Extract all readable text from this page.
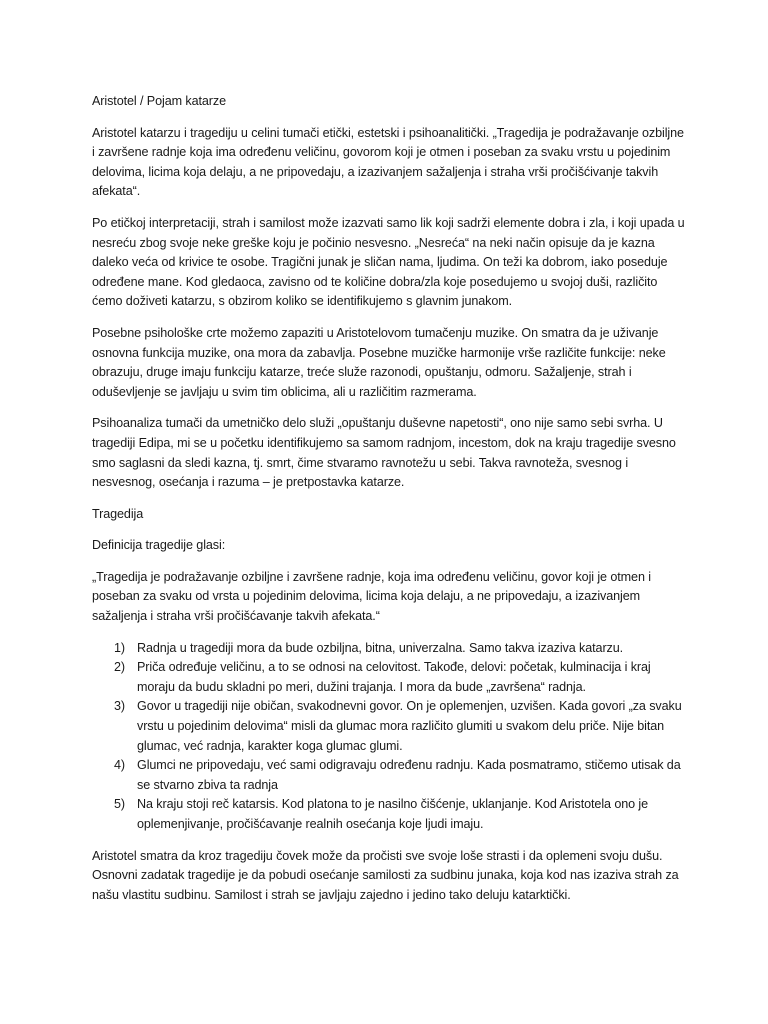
Aristotel / Pojam katarze

Aristotel katarzu i tragediju u celini tumači etički, estetski i psihoanalitički. „Tragedija je podražavanje ozbiljne i završene radnje koja ima određenu veličinu, govorom koji je otmen i poseban za svaku vrstu u pojedinim delovima, licima koja delaju, a ne pripovedaju, a izazivanjem sažaljenja i straha vrši pročišćivanje takvih afekata“.

Po etičkoj interpretaciji, strah i samilost može izazvati samo lik koji sadrži elemente dobra i zla, i koji upada u nesreću zbog svoje neke greške koju je počinio nesvesno. „Nesreća“ na neki način opisuje da je kazna daleko veća od krivice te osobe. Tragični junak je sličan nama, ljudima. On teži ka dobrom, iako poseduje određene mane. Kod gledaoca, zavisno od te količine dobra/zla koje posedujemo u svojoj duši, različito ćemo doživeti katarzu, s obzirom koliko se identifikujemo s glavnim junakom.

Posebne psihološke crte možemo zapaziti u Aristotelovom tumačenju muzike. On smatra da je uživanje osnovna funkcija muzike, ona mora da zabavlja. Posebne muzičke harmonije vrše različite funkcije: neke obrazuju, druge imaju funkciju katarze, treće služe razonodi, opuštanju, odmoru. Sažaljenje, strah i oduševljenje se javljaju u svim tim oblicima, ali u različitim razmerama.

Psihoanaliza tumači da umetničko delo služi „opuštanju duševne napetosti“, ono nije samo sebi svrha. U tragediji Edipa, mi se u početku identifikujemo sa samom radnjom, incestom, dok na kraju tragedije svesno smo saglasni da sledi kazna, tj. smrt, čime stvaramo ravnotežu u sebi. Takva ravnoteža, svesnog i nesvesnog, osećanja i razuma – je pretpostavka katarze.

Tragedija

Definicija tragedije glasi:

„Tragedija je podražavanje ozbiljne i završene radnje, koja ima određenu veličinu, govor koji je otmen i poseban za svaku od vrsta u pojedinim delovima, licima koja delaju, a ne pripovedaju, a izazivanjem sažaljenja i straha vrši pročišćavanje takvih afekata.“

1) Radnja u tragediji mora da bude ozbiljna, bitna, univerzalna. Samo takva izaziva katarzu.
2) Priča određuje veličinu, a to se odnosi na celovitost. Takođe, delovi: početak, kulminacija i kraj moraju da budu skladni po meri, dužini trajanja. I mora da bude „završena“ radnja.
3) Govor u tragediji nije običan, svakodnevni govor. On je oplemenjen, uzvišen. Kada govori „za svaku vrstu u pojedinim delovima“ misli da glumac mora različito glumiti u svakom delu priče. Nije bitan glumac, već radnja, karakter koga glumac glumi.
4) Glumci ne pripovedaju, već sami odigravaju određenu radnju. Kada posmatramo, stičemo utisak da se stvarno zbiva ta radnja
5) Na kraju stoji reč katarsis. Kod platona to je nasilno čišćenje, uklanjanje. Kod Aristotela ono je oplemenjivanje, pročišćavanje realnih osećanja koje ljudi imaju.

Aristotel smatra da kroz tragediju čovek može da pročisti sve svoje loše strasti i da oplemeni svoju dušu. Osnovni zadatak tragedije je da pobudi osećanje samilosti za sudbinu junaka, koja kod nas izaziva strah za našu vlastitu sudbinu. Samilost i strah se javljaju zajedno i jedino tako deluju katarktički.
